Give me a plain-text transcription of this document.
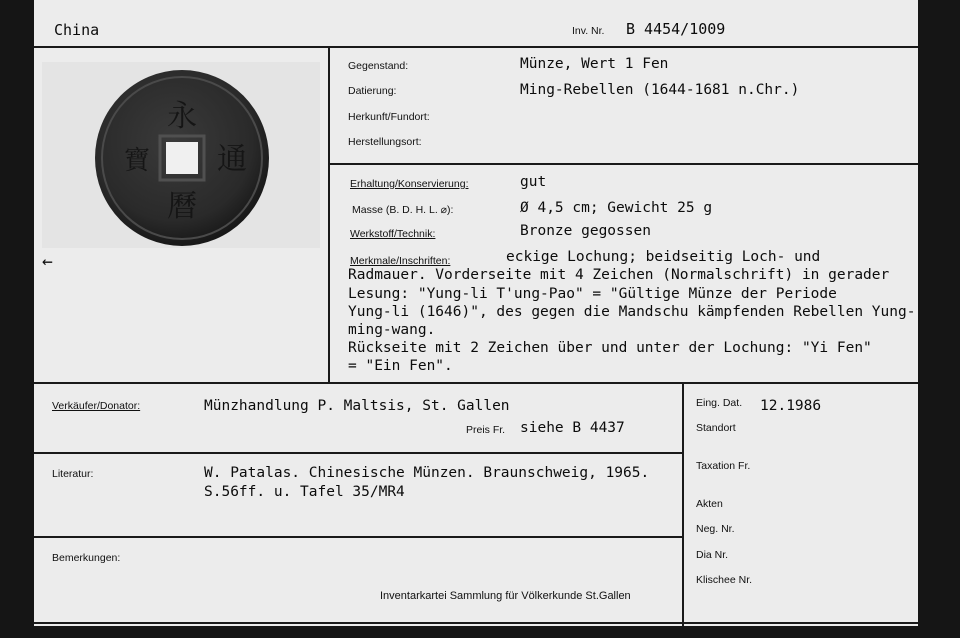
China	Inv. Nr. B 4454/1009
永
曆
通
寶
←
Gegenstand:	Münze, Wert 1 Fen
Datierung:	Ming-Rebellen (1644-1681 n.Chr.)
Herkunft/Fundort:
Herstellungsort:
Erhaltung/Konservierung:	gut
Masse (B. D. H. L. ⌀):	Ø 4,5 cm; Gewicht 25 g
Werkstoff/Technik:	Bronze gegossen
Merkmale/Inschriften:	eckige Lochung; beidseitig Loch- und
Radmauer. Vorderseite mit 4 Zeichen (Normalschrift) in gerader
Lesung: "Yung-li T'ung-Pao" = "Gültige Münze der Periode
Yung-li (1646)", des gegen die Mandschu kämpfenden Rebellen Yung-
ming-wang.
Rückseite mit 2 Zeichen über und unter der Lochung: "Yi Fen"
= "Ein Fen".
Verkäufer/Donator:	Münzhandlung P. Maltsis, St. Gallen
Preis Fr. siehe B 4437
Literatur:	W. Patalas. Chinesische Münzen. Braunschweig, 1965.
S.56ff. u. Tafel 35/MR4
Bemerkungen:
Inventarkartei Sammlung für Völkerkunde St.Gallen
Eing. Dat. 12.1986
Standort
Taxation Fr.
Akten
Neg. Nr.
Dia Nr.
Klischee Nr.
